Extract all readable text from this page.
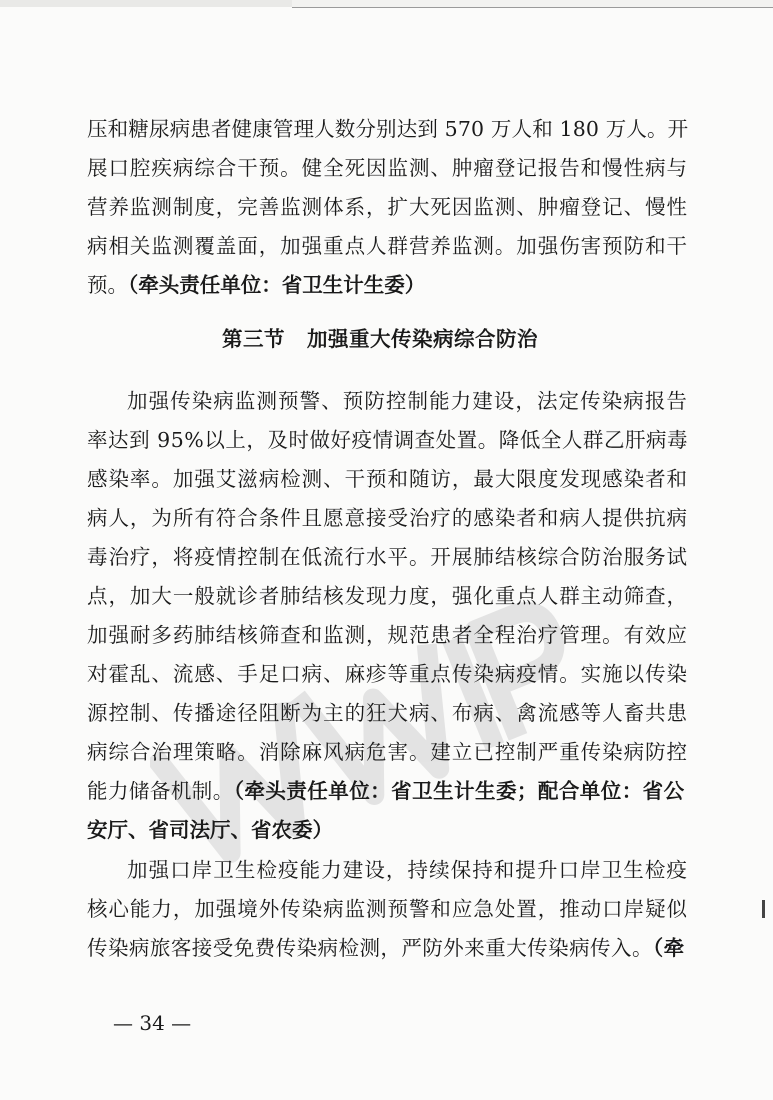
压和糖尿病患者健康管理人数分别达到 570 万人和 180 万人。开
展口腔疾病综合干预。健全死因监测、肿瘤登记报告和慢性病与
营养监测制度，完善监测体系，扩大死因监测、肿瘤登记、慢性
病相关监测覆盖面，加强重点人群营养监测。加强伤害预防和干
预。（牵头责任单位：省卫生计生委）
第三节 加强重大传染病综合防治
加强传染病监测预警、预防控制能力建设，法定传染病报告
率达到 95%以上，及时做好疫情调查处置。降低全人群乙肝病毒
感染率。加强艾滋病检测、干预和随访，最大限度发现感染者和
病人，为所有符合条件且愿意接受治疗的感染者和病人提供抗病
毒治疗，将疫情控制在低流行水平。开展肺结核综合防治服务试
点，加大一般就诊者肺结核发现力度，强化重点人群主动筛查，
加强耐多药肺结核筛查和监测，规范患者全程治疗管理。有效应
对霍乱、流感、手足口病、麻疹等重点传染病疫情。实施以传染
源控制、传播途径阻断为主的狂犬病、布病、禽流感等人畜共患
病综合治理策略。消除麻风病危害。建立已控制严重传染病防控
能力储备机制。（牵头责任单位：省卫生计生委；配合单位：省公
安厅、省司法厅、省农委）
加强口岸卫生检疫能力建设，持续保持和提升口岸卫生检疫
核心能力，加强境外传染病监测预警和应急处置，推动口岸疑似
传染病旅客接受免费传染病检测，严防外来重大传染病传入。（牵
— 34 —
